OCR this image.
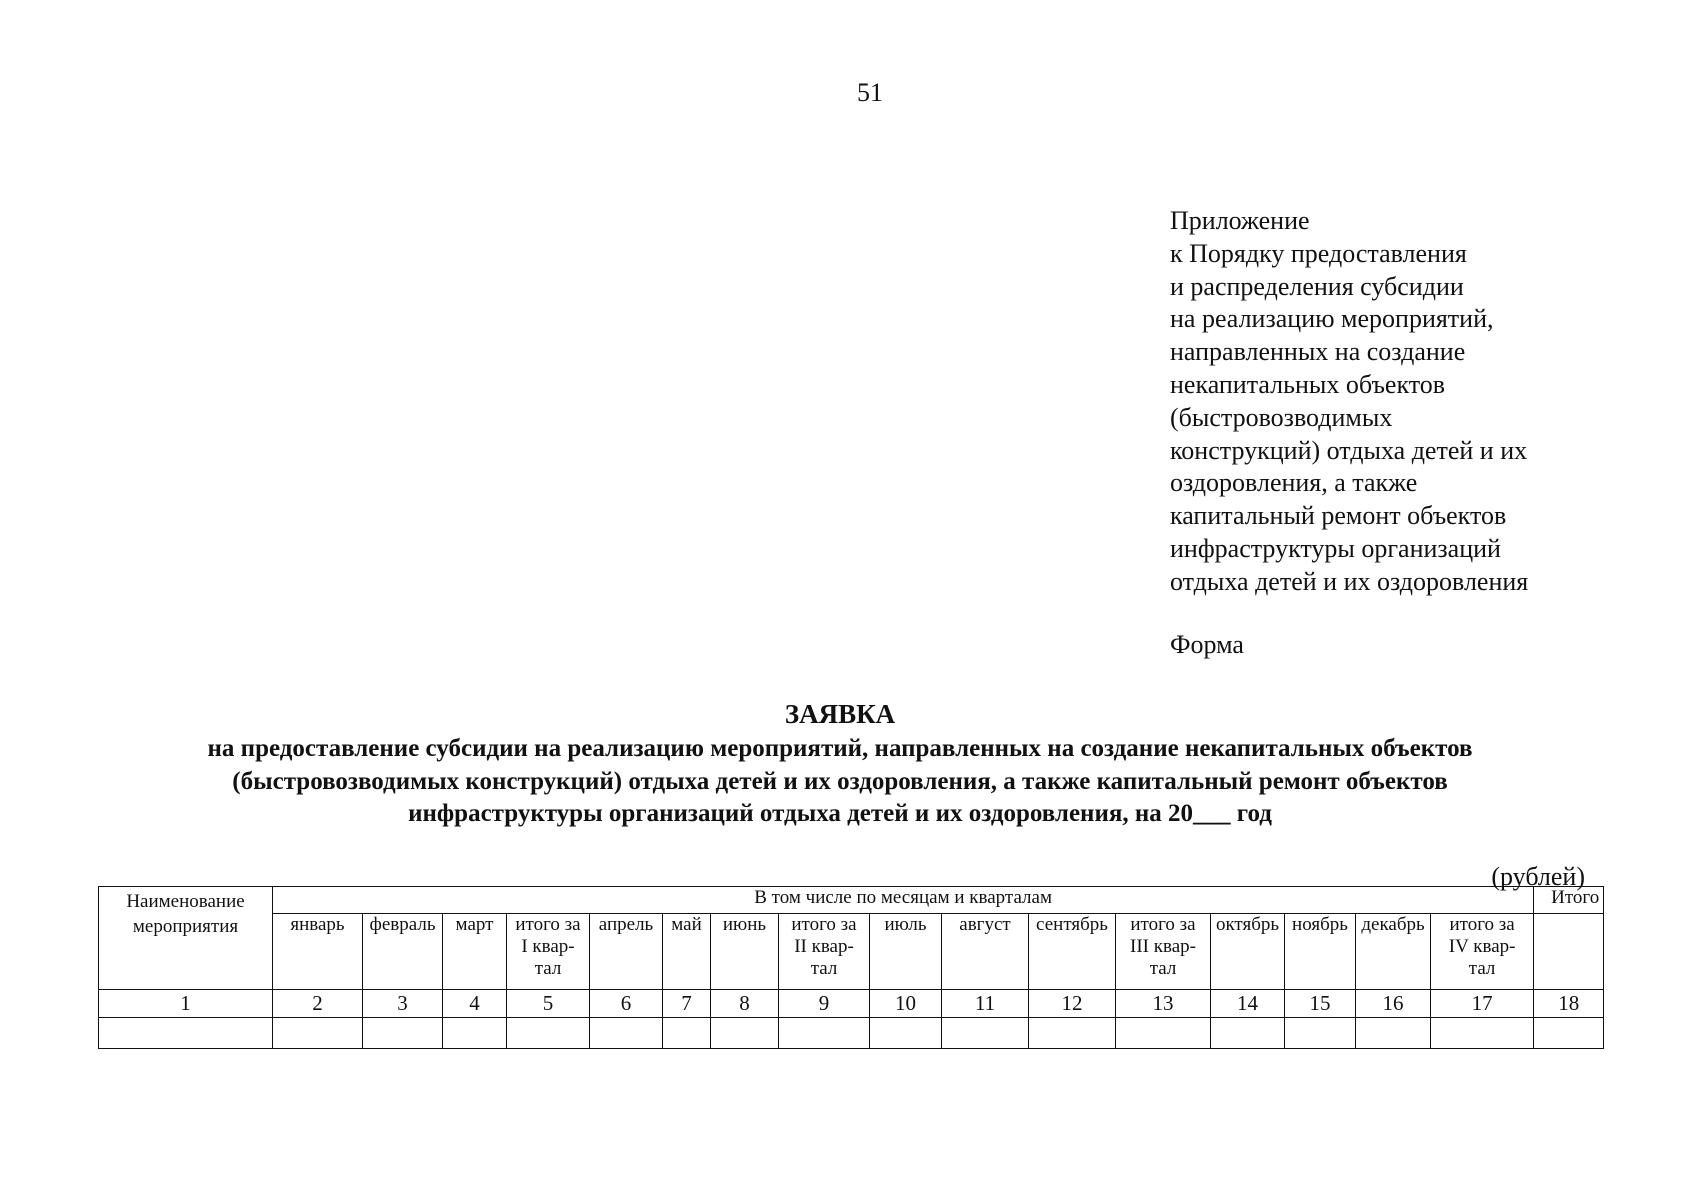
51
Приложение
к Порядку предоставления
и распределения субсидии
на реализацию мероприятий,
направленных на создание
некапитальных объектов
(быстровозводимых
конструкций) отдыха детей и их
оздоровления, а также
капитальный ремонт объектов
инфраструктуры организаций
отдыха детей и их оздоровления
Форма
ЗАЯВКА
на предоставление субсидии на реализацию мероприятий, направленных на создание некапитальных объектов
(быстровозводимых конструкций) отдыха детей и их оздоровления, а также капитальный ремонт объектов
инфраструктуры организаций отдыха детей и их оздоровления, на 20___ год
(рублей)
Наименование
мероприятия	В том числе по месяцам и кварталам																Итого

	январь	февраль	март	итого за
I квар-
тал	апрель	май	июнь	итого за
II квар-
тал	июль	август	сентябрь	итого за
III квар-
тал	октябрь	ноябрь	декабрь	итого за
IV квар-
тал	

1	2	3	4	5	6	7	8	9	10	11	12	13	14	15	16	17	18
